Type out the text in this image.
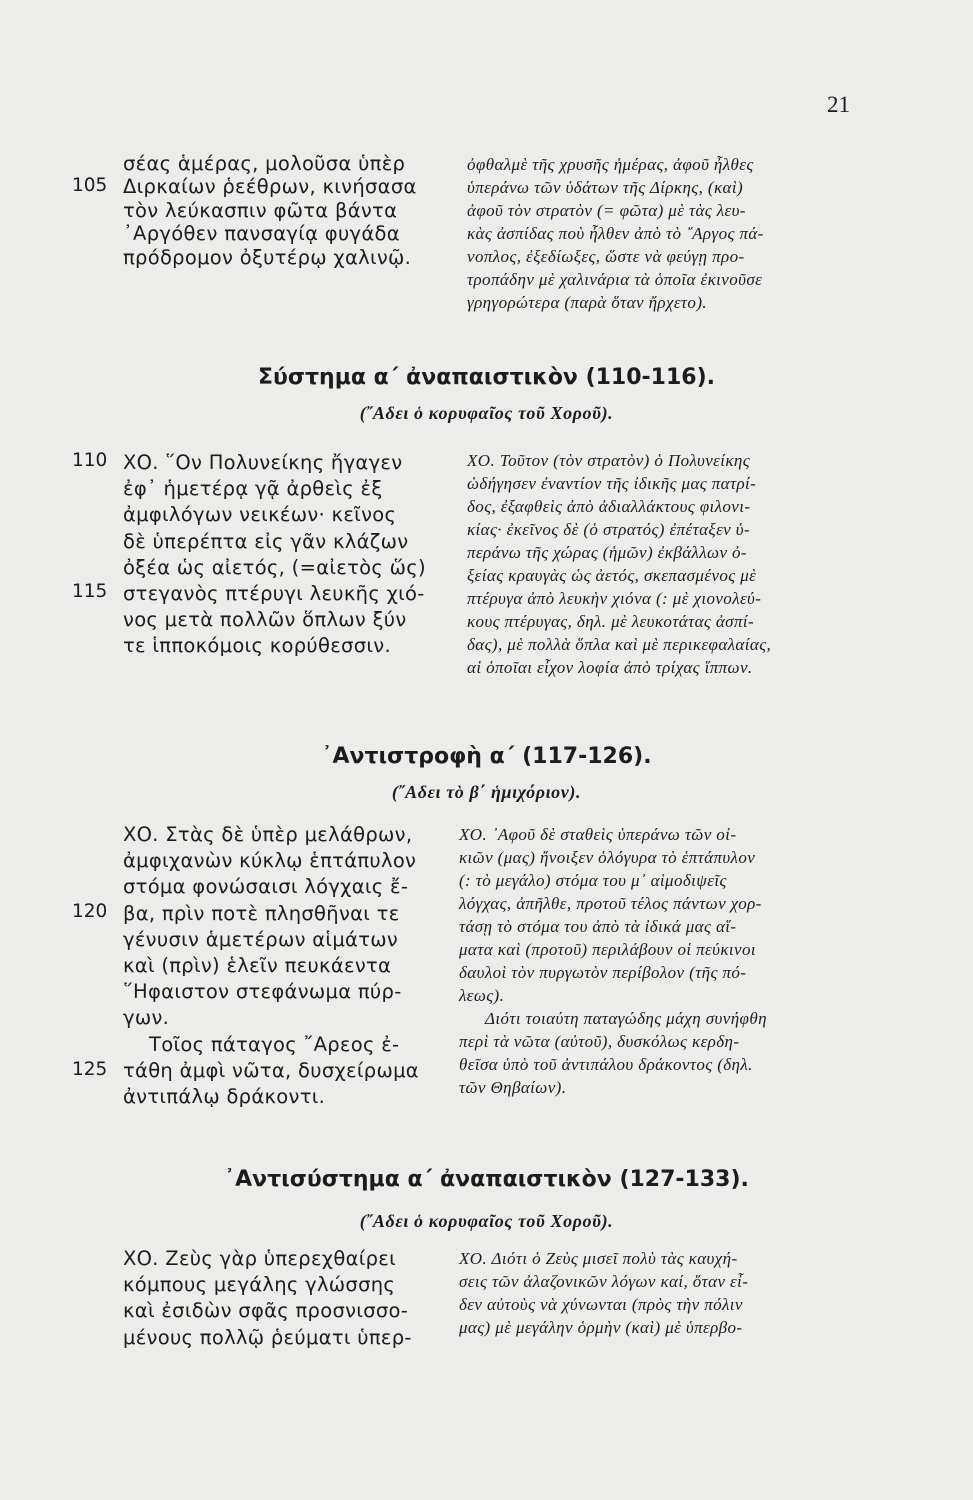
21
105
σέας ἁμέρας, μολοῦσα ὑπὲρ
Διρκαίων ῥεέθρων, κινήσασα
τὸν λεύκασπιν φῶτα βάντα
᾽Αργόθεν πανσαγίᾳ φυγάδα
πρόδρομον ὀξυτέρῳ χαλινῷ.
ὀφθαλμὲ τῆς χρυσῆς ἡμέρας, ἀφοῦ ἦλθες
ὑπεράνω τῶν ὑδάτων τῆς Δίρκης, (καὶ)
ἀφοῦ τὸν στρατὸν (= φῶτα) μὲ τὰς λευ-
κὰς ἀσπίδας ποὺ ἦλθεν ἀπὸ τὸ ῎Αργος πά-
νοπλος, ἐξεδίωξες, ὥστε νὰ φεύγῃ προ-
τροπάδην μὲ χαλινάρια τὰ ὁποῖα ἐκινοῦσε
γρηγορώτερα (παρὰ ὅταν ἤρχετο).
Σύστημα α΄ ἀναπαιστικὸν (110-116).
(῎Αδει ὁ κορυφαῖος τοῦ Χοροῦ).
110
115
ΧΟ. ῞Ον Πολυνείκης ἤγαγεν
ἐφ᾽ ἡμετέρᾳ γᾷ ἀρθεὶς ἐξ
ἀμφιλόγων νεικέων· κεῖνος
δὲ ὑπερέπτα εἰς γᾶν κλάζων
ὀξέα ὡς αἰετός, (=αἰετὸς ὥς)
στεγανὸς πτέρυγι λευκῆς χιό-
νος μετὰ πολλῶν ὅπλων ξύν
τε ἱπποκόμοις κορύθεσσιν.
ΧΟ. Τοῦτον (τὸν στρατὸν) ὁ Πολυνείκης
ὡδήγησεν ἐναντίον τῆς ἰδικῆς μας πατρί-
δος, ἐξαφθεὶς ἀπὸ ἀδιαλλάκτους φιλονι-
κίας· ἐκεῖνος δὲ (ὁ στρατός) ἐπέταξεν ὑ-
περάνω τῆς χώρας (ἡμῶν) ἐκβάλλων ὀ-
ξείας κραυγὰς ὡς ἀετός, σκεπασμένος μὲ
πτέρυγα ἀπὸ λευκὴν χιόνα (: μὲ χιονολεύ-
κους πτέρυγας, δηλ. μὲ λευκοτάτας ἀσπί-
δας), μὲ πολλὰ ὅπλα καὶ μὲ περικεφαλαίας,
αἱ ὁποῖαι εἶχον λοφία ἀπὸ τρίχας ἵππων.
᾽Αντιστροφὴ α΄ (117-126).
(῎Αδει τὸ β΄ ἡμιχόριον).
120
125
ΧΟ. Στὰς δὲ ὑπὲρ μελάθρων,
ἀμφιχανὼν κύκλῳ ἑπτάπυλον
στόμα φονώσαισι λόγχαις ἔ-
βα, πρὶν ποτὲ πλησθῆναι τε
γένυσιν ἁμετέρων αἱμάτων
καὶ (πρὶν) ἑλεῖν πευκάεντα
῞Ηφαιστον στεφάνωμα πύρ-
γων.
Τοῖος πάταγος ῎Αρεος ἐ-
τάθη ἀμφὶ νῶτα, δυσχείρωμα
ἀντιπάλῳ δράκοντι.
ΧΟ. ᾽Αφοῦ δὲ σταθεὶς ὑπεράνω τῶν οἰ-
κιῶν (μας) ἤνοιξεν ὁλόγυρα τὸ ἑπτάπυλον
(: τὸ μεγάλο) στόμα του μ᾽ αἱμοδιψεῖς
λόγχας, ἀπῆλθε, προτοῦ τέλος πάντων χορ-
τάσῃ τὸ στόμα του ἀπὸ τὰ ἰδικά μας αἵ-
ματα καὶ (προτοῦ) περιλάβουν οἱ πεύκινοι
δαυλοὶ τὸν πυργωτὸν περίβολον (τῆς πό-
λεως).
Διότι τοιαύτη παταγώδης μάχη συνήφθη
περὶ τὰ νῶτα (αὐτοῦ), δυσκόλως κερδη-
θεῖσα ὑπὸ τοῦ ἀντιπάλου δράκοντος (δηλ.
τῶν Θηβαίων).
᾽Αντισύστημα α΄ ἀναπαιστικὸν (127-133).
(῎Αδει ὁ κορυφαῖος τοῦ Χοροῦ).
ΧΟ. Ζεὺς γὰρ ὑπερεχθαίρει
κόμπους μεγάλης γλώσσης
καὶ ἐσιδὼν σφᾶς προσνισσο-
μένους πολλῷ ῥεύματι ὑπερ-
ΧΟ. Διότι ὁ Ζεὺς μισεῖ πολὺ τὰς καυχή-
σεις τῶν ἀλαζονικῶν λόγων καί, ὅταν εἶ-
δεν αὐτοὺς νὰ χύνωνται (πρὸς τὴν πόλιν
μας) μὲ μεγάλην ὁρμὴν (καὶ) μὲ ὑπερβο-
